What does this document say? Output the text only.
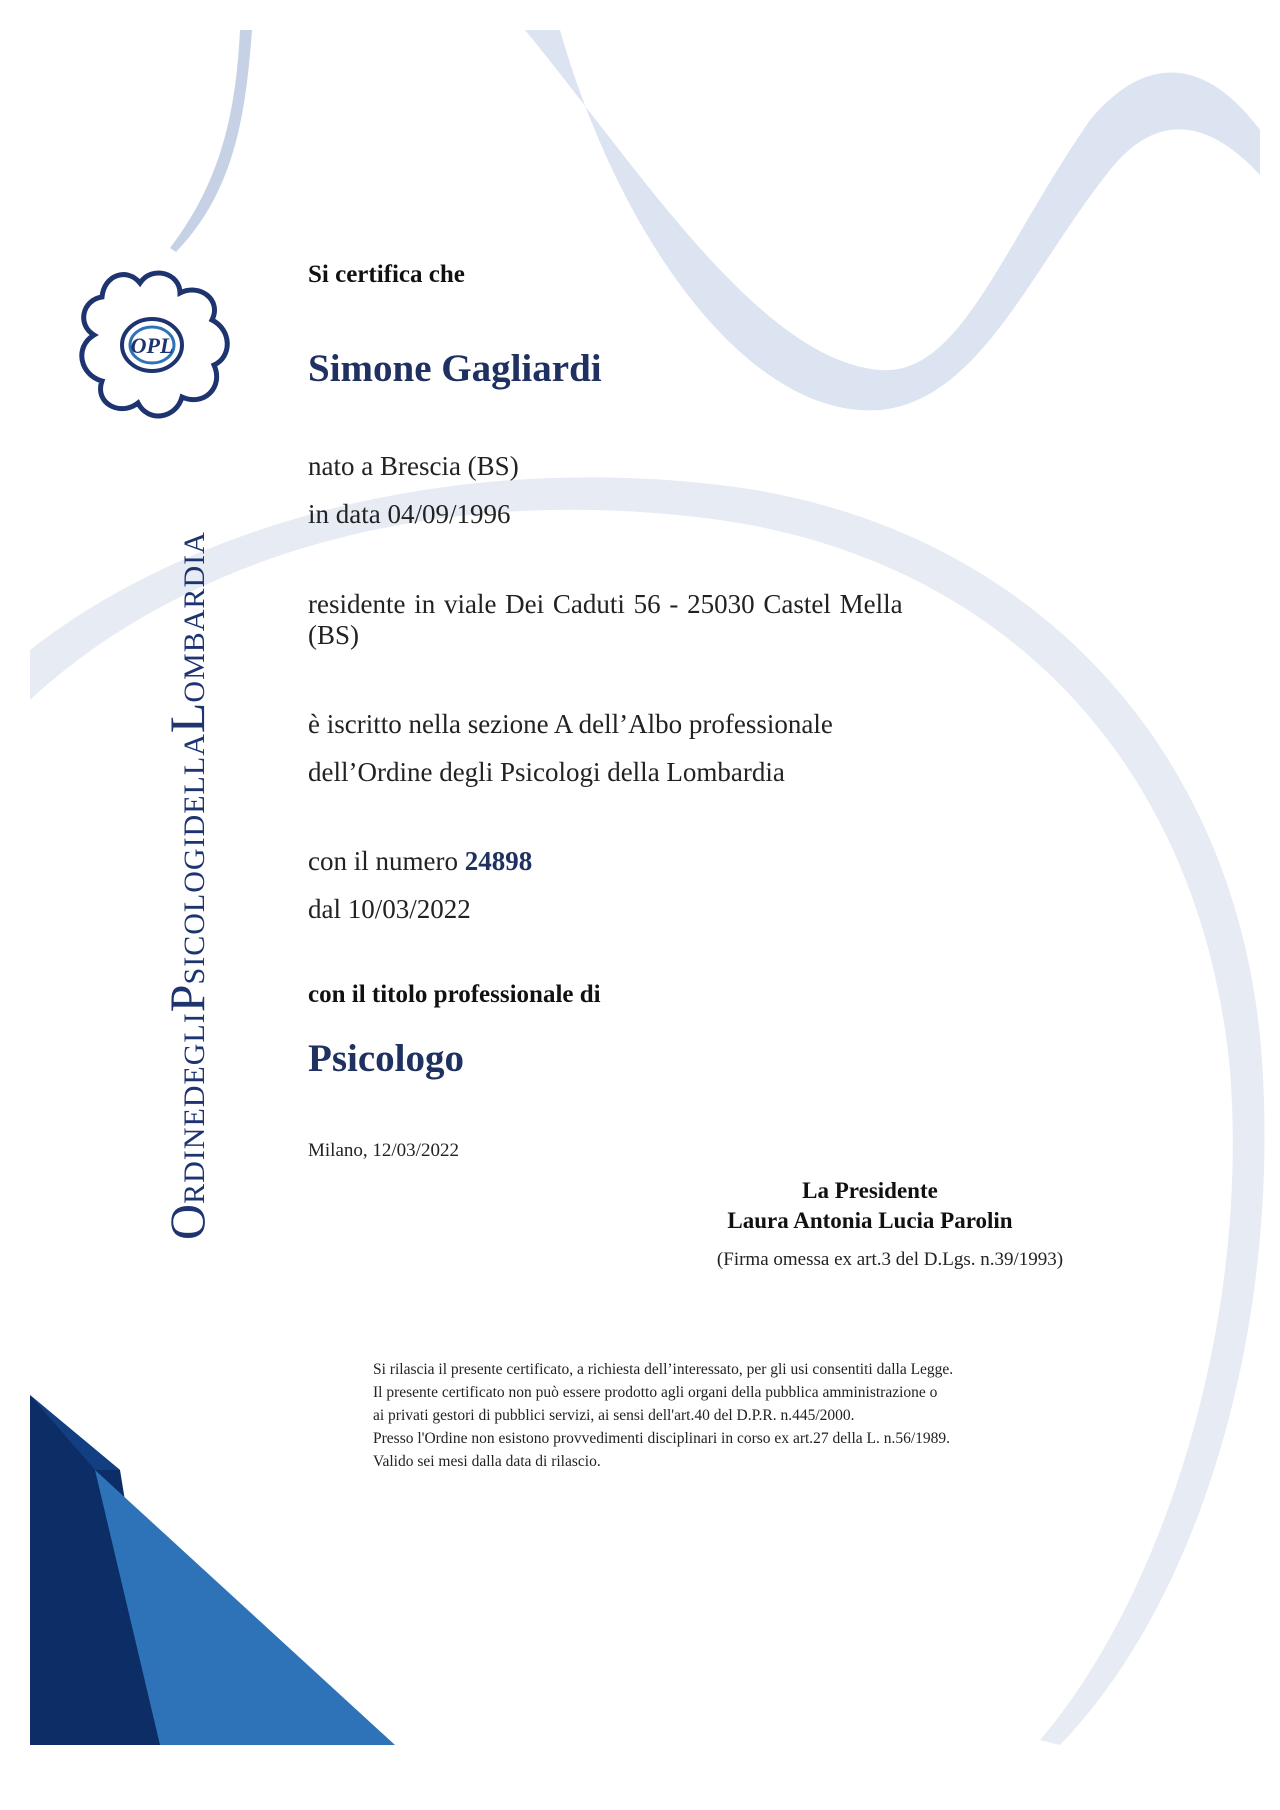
OPL
ORDINEDEGLIPSICOLOGIDELLALOMBARDIA

Si certifica che

Simone Gagliardi

nato a Brescia (BS)

in data 04/09/1996

residente in viale Dei Caduti 56 - 25030 Castel Mella

(BS)

è iscritto nella sezione A dell’Albo professionale

dell’Ordine degli Psicologi della Lombardia

con il numero 24898

dal 10/03/2022

con il titolo professionale di

Psicologo

Milano, 12/03/2022

La Presidente

Laura Antonia Lucia Parolin

(Firma omessa ex art.3 del D.Lgs. n.39/1993)

Si rilascia il presente certificato, a richiesta dell’interessato, per gli usi consentiti dalla Legge.
Il presente certificato non può essere prodotto agli organi della pubblica amministrazione o
ai privati gestori di pubblici servizi, ai sensi dell'art.40 del D.P.R. n.445/2000.
Presso l'Ordine non esistono provvedimenti disciplinari in corso ex art.27 della L. n.56/1989.
Valido sei mesi dalla data di rilascio.
